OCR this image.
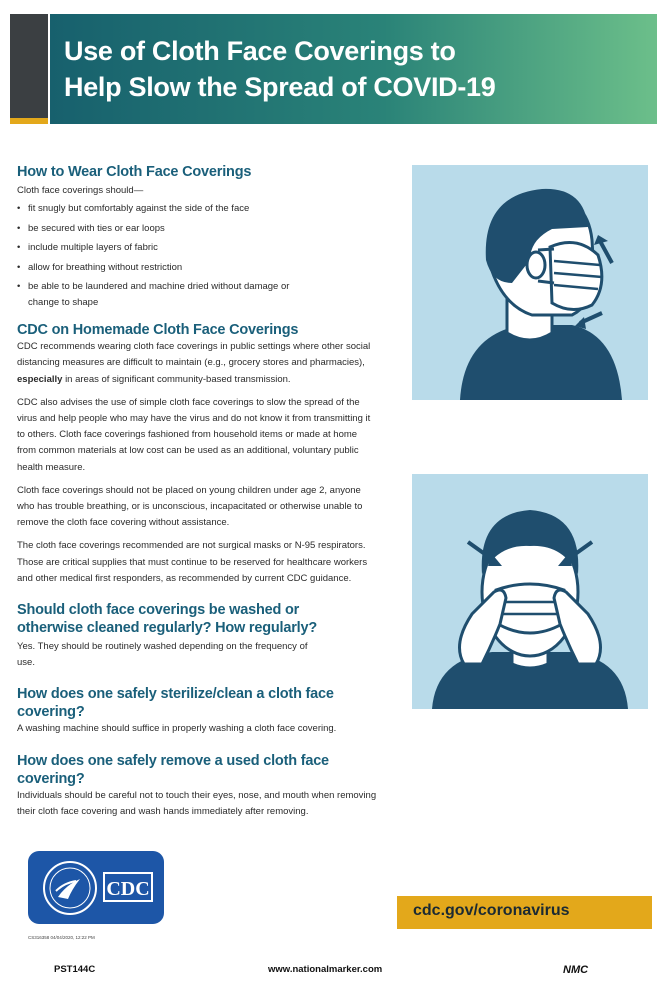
Use of Cloth Face Coverings to
Help Slow the Spread of COVID-19
How to Wear Cloth Face Coverings
Cloth face coverings should—
• fit snugly but comfortably against the side of the face
• be secured with ties or ear loops
• include multiple layers of fabric
• allow for breathing without restriction
• be able to be laundered and machine dried without damage or change to shape
CDC on Homemade Cloth Face Coverings
CDC recommends wearing cloth face coverings in public settings where other social distancing measures are difficult to maintain (e.g., grocery stores and pharmacies), especially in areas of significant community-based transmission.
CDC also advises the use of simple cloth face coverings to slow the spread of the virus and help people who may have the virus and do not know it from transmitting it to others. Cloth face coverings fashioned from household items or made at home from common materials at low cost can be used as an additional, voluntary public health measure.
Cloth face coverings should not be placed on young children under age 2, anyone who has trouble breathing, or is unconscious, incapacitated or otherwise unable to remove the cloth face covering without assistance.
The cloth face coverings recommended are not surgical masks or N-95 respirators. Those are critical supplies that must continue to be reserved for healthcare workers and other medical first responders, as recommended by current CDC guidance.
Should cloth face coverings be washed or otherwise cleaned regularly? How regularly?
Yes. They should be routinely washed depending on the frequency of use.
How does one safely sterilize/clean a cloth face covering?
A washing machine should suffice in properly washing a cloth face covering.
How does one safely remove a used cloth face covering?
Individuals should be careful not to touch their eyes, nose, and mouth when removing their cloth face covering and wash hands immediately after removing.
CDC
cdc.gov/coronavirus
CS316358 04/04/2020, 12:22 PM
PST144C	www.nationalmarker.com	NMC
